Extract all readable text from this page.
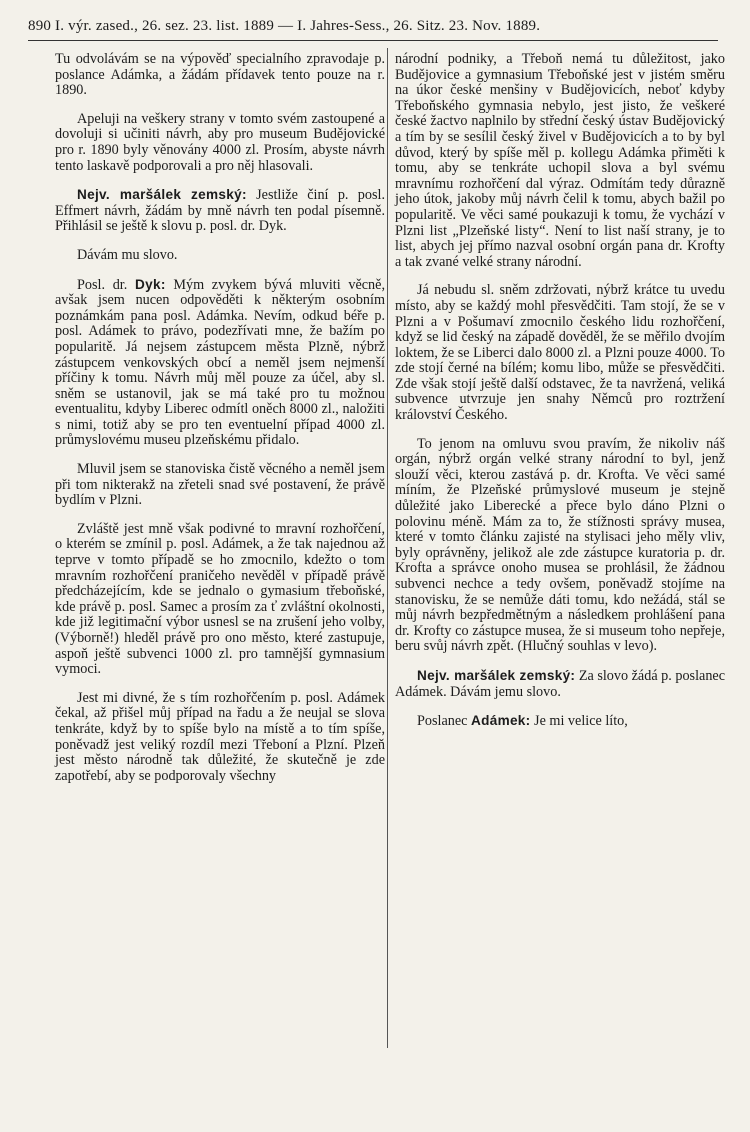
890 I. výr. zased., 26. sez. 23. list. 1889 — I. Jahres-Sess., 26. Sitz. 23. Nov. 1889.

Tu odvolávám se na výpověď specialního zpravodaje p. poslance Adámka, a žádám přídavek tento pouze na r. 1890.

Apeluji na veškery strany v tomto svém zastoupené a dovoluji si učiniti návrh, aby pro museum Budějovické pro r. 1890 byly věnovány 4000 zl. Prosím, abyste návrh tento laskavě podporovali a pro něj hlasovali.

Nejv. maršálek zemský: Jestliže činí p. posl. Effmert návrh, žádám by mně návrh ten podal písemně. Přihlásil se ještě k slovu p. posl. dr. Dyk.

Dávám mu slovo.

Posl. dr. Dyk: Mým zvykem bývá mluviti věcně, avšak jsem nucen odpověděti k některým osobním poznámkám pana posl. Adámka. Nevím, odkud béře p. posl. Adámek to právo, podezřívati mne, že bažím po popularitě. Já nejsem zástupcem města Plzně, nýbrž zástupcem venkovských obcí a neměl jsem nejmenší příčiny k tomu. Návrh můj měl pouze za účel, aby sl. sněm se ustanovil, jak se má také pro tu možnou eventualitu, kdyby Liberec odmítl oněch 8000 zl., naložiti s nimi, totiž aby se pro ten eventuelní případ 4000 zl. průmyslovému museu plzeňskému přidalo.

Mluvil jsem se stanoviska čistě věcného a neměl jsem při tom nikterakž na zřeteli snad své postavení, že právě bydlím v Plzni.

Zvláště jest mně však podivné to mravní rozhořčení, o kterém se zmínil p. posl. Adámek, a že tak najednou až teprve v tomto případě se ho zmocnilo, kdežto o tom mravním rozhořčení praničeho nevěděl v případě právě předcházejícím, kde se jednalo o gymasium třeboňské, kde právě p. posl. Samec a prosím za ť zvláštní okolnosti, kde již legitimační výbor usnesl se na zrušení jeho volby, (Výborně!) hleděl právě pro ono město, které zastupuje, aspoň ještě subvenci 1000 zl. pro tamnější gymnasium vymoci.

Jest mi divné, že s tím rozhořčením p. posl. Adámek čekal, až přišel můj případ na řadu a že neujal se slova tenkráte, když by to spíše bylo na místě a to tím spíše, poněvadž jest veliký rozdíl mezi Třeboní a Plzní. Plzeň jest město národně tak důležité, že skutečně je zde zapotřebí, aby se podporovaly všechny

národní podniky, a Třeboň nemá tu důležitost, jako Budějovice a gymnasium Třeboňské jest v jistém směru na úkor české menšiny v Budějovicích, neboť kdyby Třeboňského gymnasia nebylo, jest jisto, že veškeré české žactvo naplnilo by střední český ústav Budějovický a tím by se sesílil český živel v Budějovicích a to by byl důvod, který by spíše měl p. kollegu Adámka přiměti k tomu, aby se tenkráte uchopil slova a byl svému mravnímu rozhořčení dal výraz. Odmítám tedy důrazně jeho útok, jakoby můj návrh čelil k tomu, abych bažil po popularitě. Ve věci samé poukazuji k tomu, že vychází v Plzni list „Plzeňské listy“. Není to list naší strany, je to list, abych jej přímo nazval osobní orgán pana dr. Krofty a tak zvané velké strany národní.

Já nebudu sl. sněm zdržovati, nýbrž krátce tu uvedu místo, aby se každý mohl přesvědčiti. Tam stojí, že se v Plzni a v Pošumaví zmocnilo českého lidu rozhořčení, když se lid český na západě dověděl, že se měřilo dvojím loktem, že se Liberci dalo 8000 zl. a Plzni pouze 4000. To zde stojí černé na bílém; komu libo, může se přesvědčiti. Zde však stojí ještě další odstavec, že ta navržená, veliká subvence utvrzuje jen snahy Němců pro roztržení království Českého.

To jenom na omluvu svou pravím, že nikoliv náš orgán, nýbrž orgán velké strany národní to byl, jenž slouží věci, kterou zastává p. dr. Krofta. Ve věci samé míním, že Plzeňské průmyslové museum je stejně důležité jako Liberecké a přece bylo dáno Plzni o polovinu méně. Mám za to, že stížnosti správy musea, které v tomto článku zajisté na stylisaci jeho měly vliv, byly oprávněny, jelikož ale zde zástupce kuratoria p. dr. Krofta a správce onoho musea se prohlásil, že žádnou subvenci nechce a tedy ovšem, poněvadž stojíme na stanovisku, že se nemůže dáti tomu, kdo nežádá, stál se můj návrh bezpředmětným a následkem prohlášení pana dr. Krofty co zástupce musea, že si museum toho nepřeje, beru svůj návrh zpět. (Hlučný souhlas v levo).

Nejv. maršálek zemský: Za slovo žádá p. poslanec Adámek. Dávám jemu slovo.

Poslanec Adámek: Je mi velice líto,
